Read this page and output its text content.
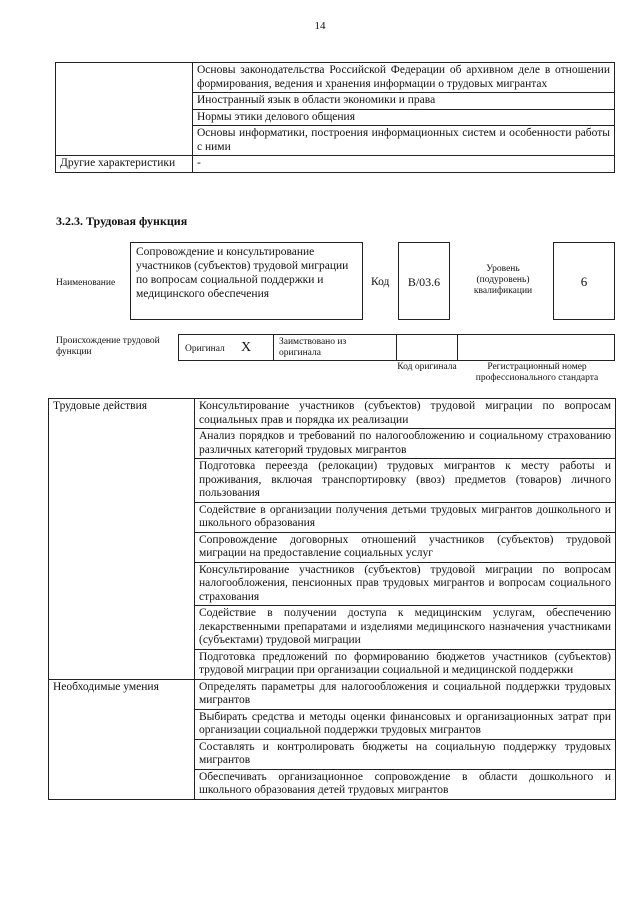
14
	Основы законодательства Российской Федерации об архивном деле в отношении формирования, ведения и хранения информации о трудовых мигрантах
	Иностранный язык в области экономики и права
	Нормы этики делового общения
	Основы информатики, построения информационных систем и особенности работы с ними
Другие характеристики	-
3.2.3. Трудовая функция
Наименование
Сопровождение и консультирование участников (субъектов) трудовой миграции по вопросам социальной поддержки и медицинского обеспечения
Код	В/03.6
Уровень (подуровень) квалификации
6
Происхождение трудовой функции	Оригинал X	Заимствовано из оригинала
Код оригинала	Регистрационный номер профессионального стандарта
Трудовые действия	Консультирование участников (субъектов) трудовой миграции по вопросам социальных прав и порядка их реализации
	Анализ порядков и требований по налогообложению и социальному страхованию различных категорий трудовых мигрантов
	Подготовка переезда (релокации) трудовых мигрантов к месту работы и проживания, включая транспортировку (ввоз) предметов (товаров) личного пользования
	Содействие в организации получения детьми трудовых мигрантов дошкольного и школьного образования
	Сопровождение договорных отношений участников (субъектов) трудовой миграции на предоставление социальных услуг
	Консультирование участников (субъектов) трудовой миграции по вопросам налогообложения, пенсионных прав трудовых мигрантов и вопросам социального страхования
	Содействие в получении доступа к медицинским услугам, обеспечению лекарственными препаратами и изделиями медицинского назначения участниками (субъектами) трудовой миграции
	Подготовка предложений по формированию бюджетов участников (субъектов) трудовой миграции при организации социальной и медицинской поддержки
Необходимые умения	Определять параметры для налогообложения и социальной поддержки трудовых мигрантов
	Выбирать средства и методы оценки финансовых и организационных затрат при организации социальной поддержки трудовых мигрантов
	Составлять и контролировать бюджеты на социальную поддержку трудовых мигрантов
	Обеспечивать организационное сопровождение в области дошкольного и школьного образования детей трудовых мигрантов
